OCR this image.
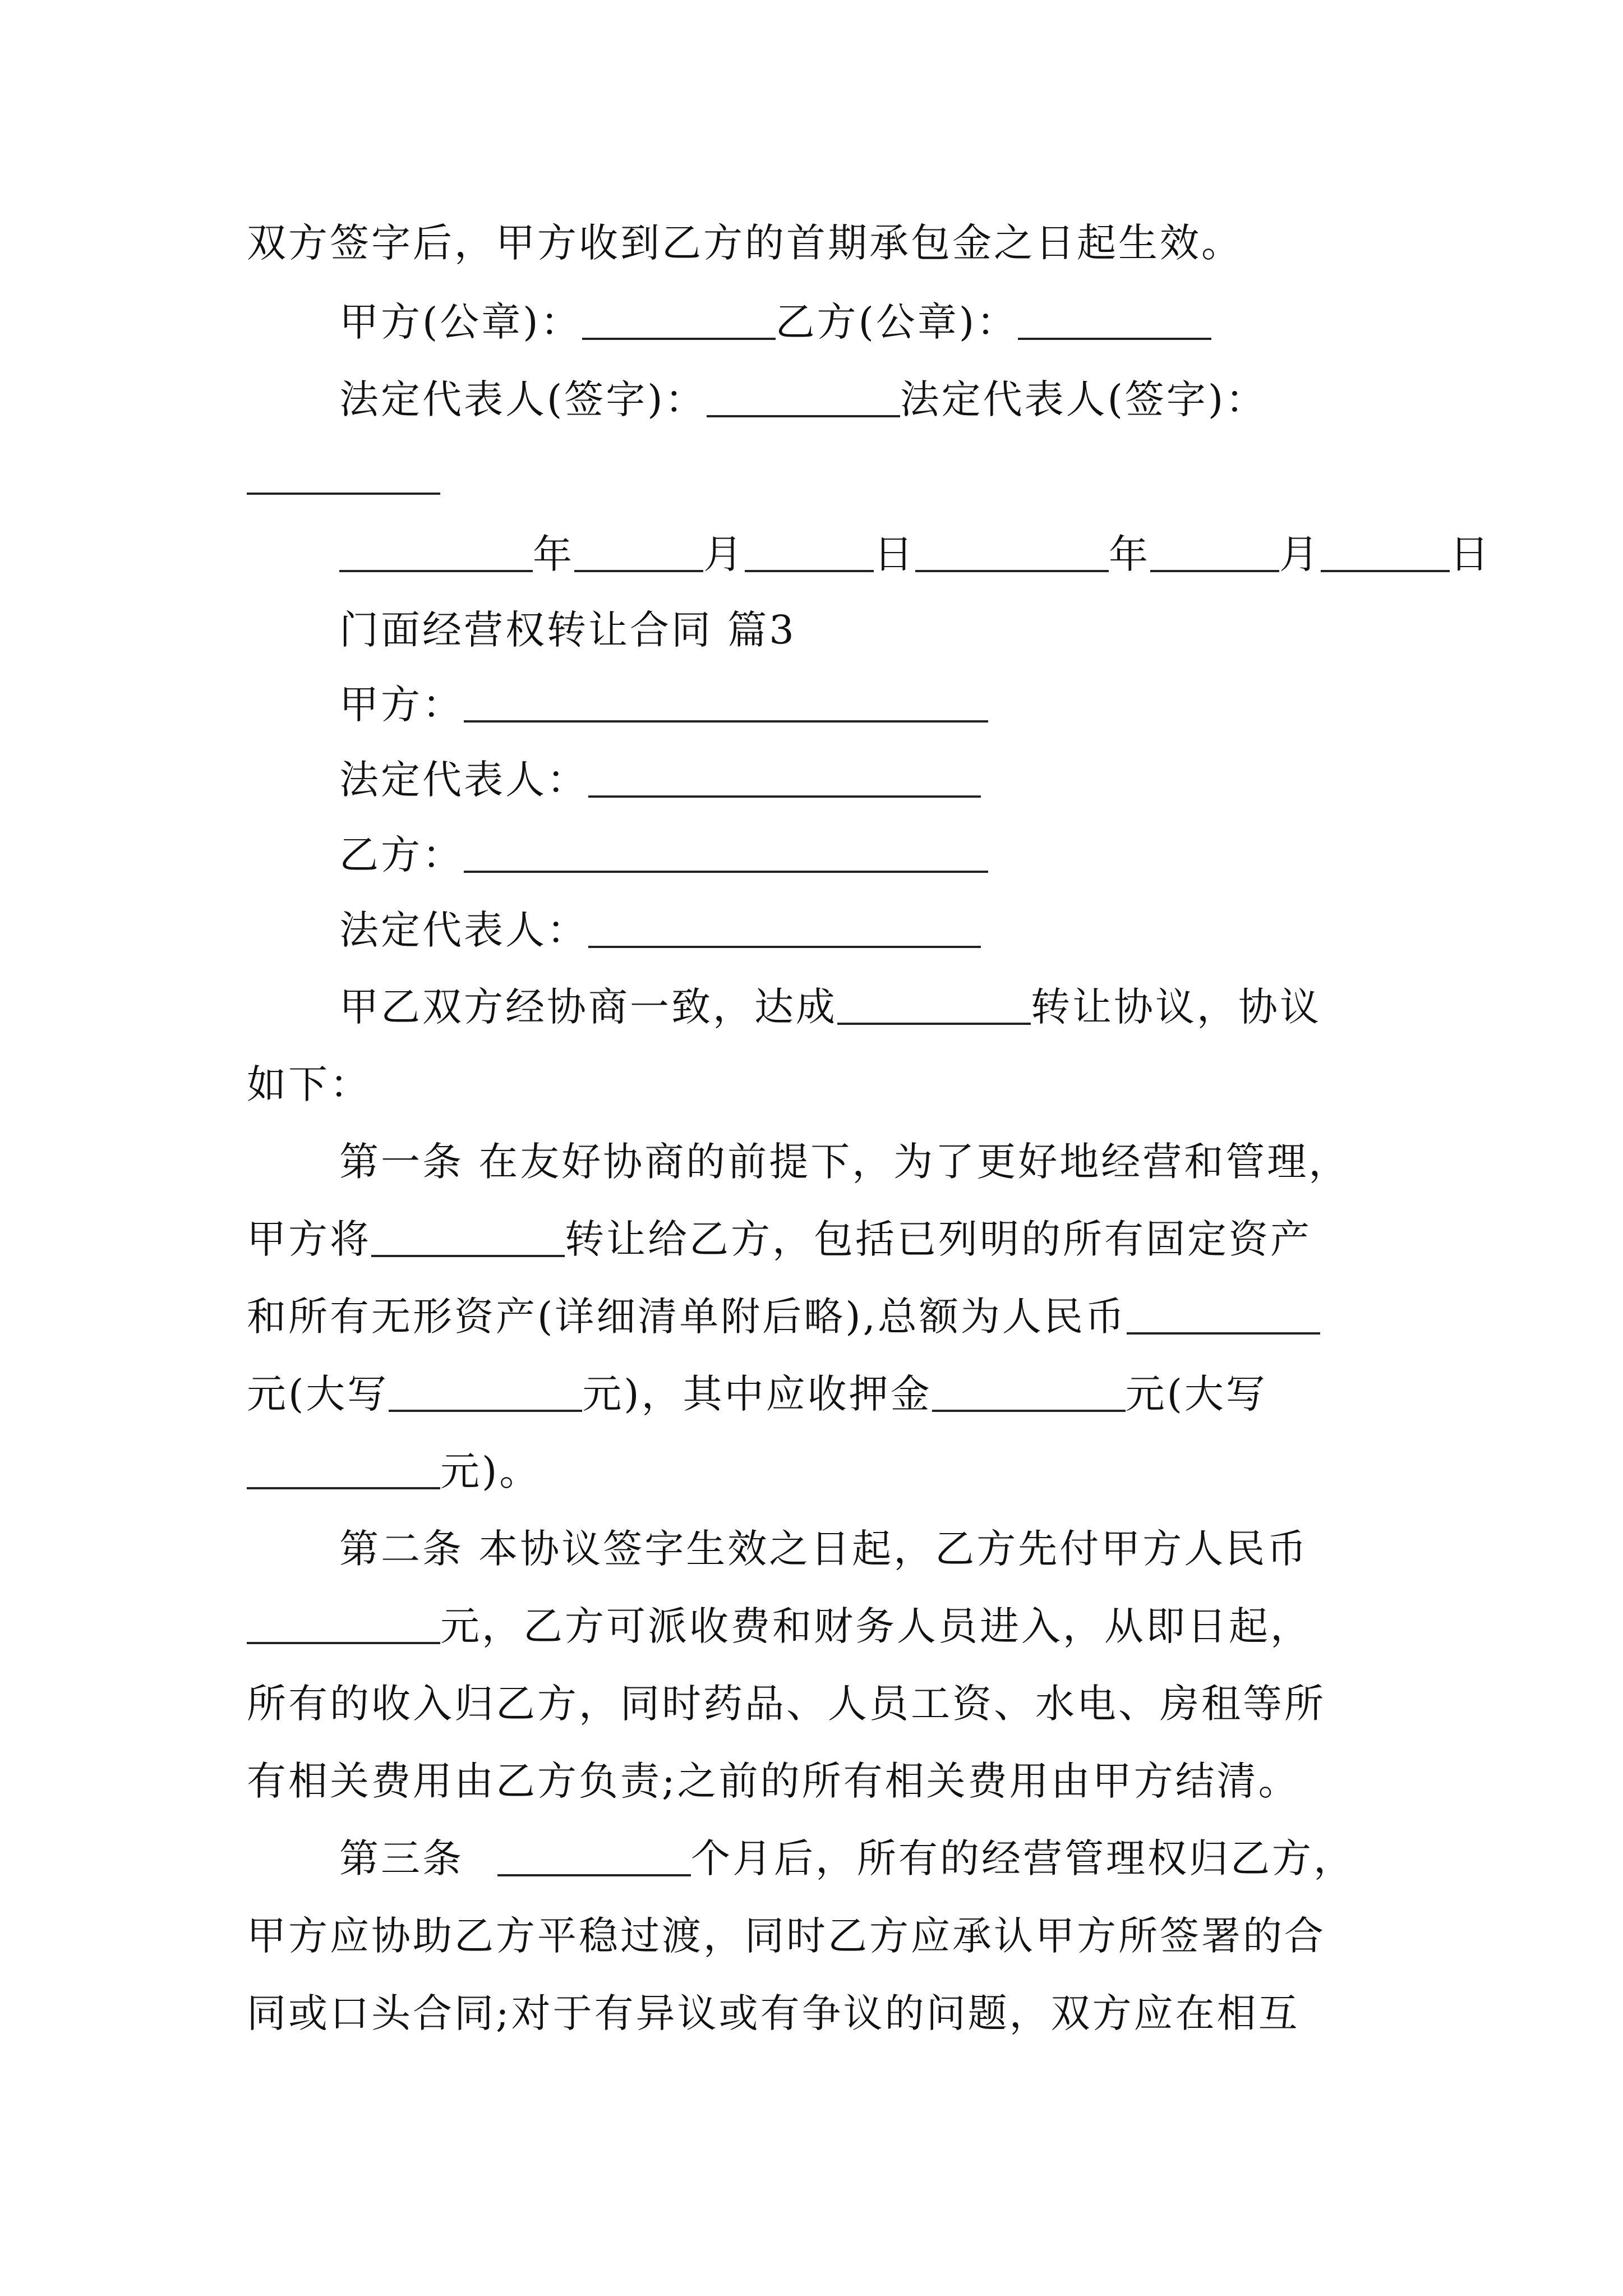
双方签字后，甲方收到乙方的首期承包金之日起生效。
甲方(公章)：	乙方(公章)：
法定代表人(签字)：	法定代表人(签字)：
年	月	日	年	月	日
门面经营权转让合同 篇3
甲方：
法定代表人：
乙方：
法定代表人：
甲乙双方经协商一致，达成	转让协议，协议
如下：
第一条 在友好协商的前提下，为了更好地经营和管理，
甲方将	转让给乙方，包括已列明的所有固定资产
和所有无形资产(详细清单附后略),总额为人民币
元(大写	元)，其中应收押金	元(大写
元)。
第二条 本协议签字生效之日起，乙方先付甲方人民币
元，乙方可派收费和财务人员进入，从即日起，
所有的收入归乙方，同时药品、人员工资、水电、房租等所
有相关费用由乙方负责;之前的所有相关费用由甲方结清。
第三条	个月后，所有的经营管理权归乙方，
甲方应协助乙方平稳过渡，同时乙方应承认甲方所签署的合
同或口头合同;对于有异议或有争议的问题，双方应在相互
